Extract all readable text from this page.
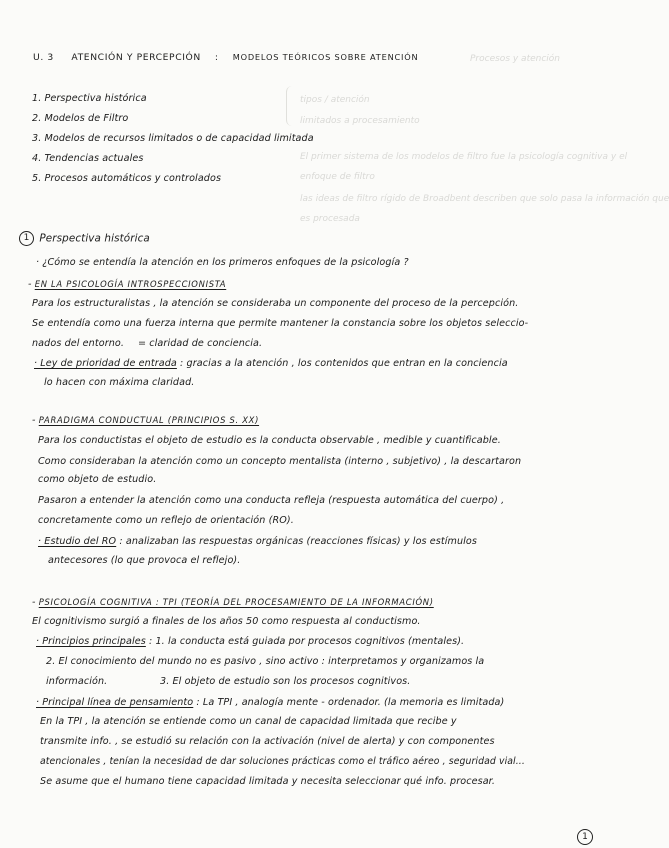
Procesos y atención
tipos / atención
limitados a procesamiento
El primer sistema de los modelos de filtro fue la psicología cognitiva y el
enfoque de filtro
las ideas de filtro rígido de Broadbent describen que solo pasa la información que
es procesada
U. 3 ATENCIÓN Y PERCEPCIÓN : MODELOS TEÓRICOS SOBRE ATENCIÓN
1. Perspectiva histórica
2. Modelos de Filtro
3. Modelos de recursos limitados o de capacidad limitada
4. Tendencias actuales
5. Procesos automáticos y controlados
1 Perspectiva histórica
· ¿Cómo se entendía la atención en los primeros enfoques de la psicología ?
- EN LA PSICOLOGÍA INTROSPECCIONISTA
Para los estructuralistas , la atención se consideraba un componente del proceso de la percepción.
Se entendía como una fuerza interna que permite mantener la constancia sobre los objetos seleccio-
nados del entorno. = claridad de conciencia.
· Ley de prioridad de entrada : gracias a la atención , los contenidos que entran en la conciencia
lo hacen con máxima claridad.
- PARADIGMA CONDUCTUAL (PRINCIPIOS S. XX)
Para los conductistas el objeto de estudio es la conducta observable , medible y cuantificable.
Como consideraban la atención como un concepto mentalista (interno , subjetivo) , la descartaron
como objeto de estudio.
Pasaron a entender la atención como una conducta refleja (respuesta automática del cuerpo) ,
concretamente como un reflejo de orientación (RO).
· Estudio del RO : analizaban las respuestas orgánicas (reacciones físicas) y los estímulos
antecesores (lo que provoca el reflejo).
- PSICOLOGÍA COGNITIVA : TPI (TEORÍA DEL PROCESAMIENTO DE LA INFORMACIÓN)
El cognitivismo surgió a finales de los años 50 como respuesta al conductismo.
· Principios principales : 1. la conducta está guiada por procesos cognitivos (mentales).
2. El conocimiento del mundo no es pasivo , sino activo : interpretamos y organizamos la
información.	3. El objeto de estudio son los procesos cognitivos.
· Principal línea de pensamiento : La TPI , analogía mente - ordenador. (la memoria es limitada)
En la TPI , la atención se entiende como un canal de capacidad limitada que recibe y
transmite info. , se estudió su relación con la activación (nivel de alerta) y con componentes
atencionales , tenían la necesidad de dar soluciones prácticas como el tráfico aéreo , seguridad vial...
Se asume que el humano tiene capacidad limitada y necesita seleccionar qué info. procesar.
1
